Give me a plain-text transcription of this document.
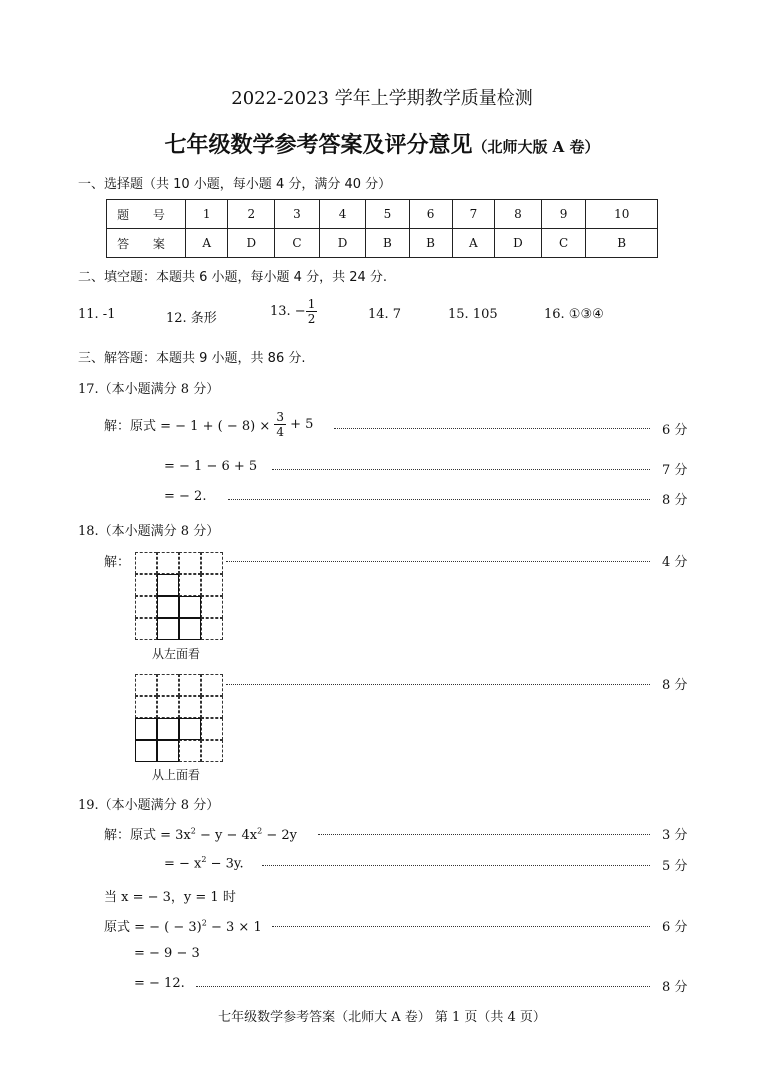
2022-2023 学年上学期教学质量检测
七年级数学参考答案及评分意见（北师大版 A 卷）
一、选择题（共 10 小题，每小题 4 分，满分 40 分）
题 号	1	2	3	4	5	6	7	8	9	10
答 案	A	D	C	D	B	B	A	D	C	B
二、填空题：本题共 6 小题，每小题 4 分，共 24 分.
11. -1	12. 条形	13. − $\frac{1}{2}$	14. 7	15. 105	16. ①③④
三、解答题：本题共 9 小题，共 86 分.
17.（本小题满分 8 分）
解：原式 = − 1 + ( − $8) \times \frac{3}{4} + 5$	6 分
= − 1 − 6 + 5	7 分
= − 2.	8 分
18.（本小题满分 8 分）
解：	4 分
从左面看
8 分
从上面看
19.（本小题满分 8 分）
解：原式 = $3x^2 - y - 4x^2 - 2y$	3 分
= − $x^2 - 3y$.	5 分
当 x = − 3，y = 1 时
原式 = − ( − 3)$^2$ − 3 × 1	6 分
= − 9 − 3
= − 12.	8 分
七年级数学参考答案（北师大 A 卷） 第 1 页（共 4 页）
